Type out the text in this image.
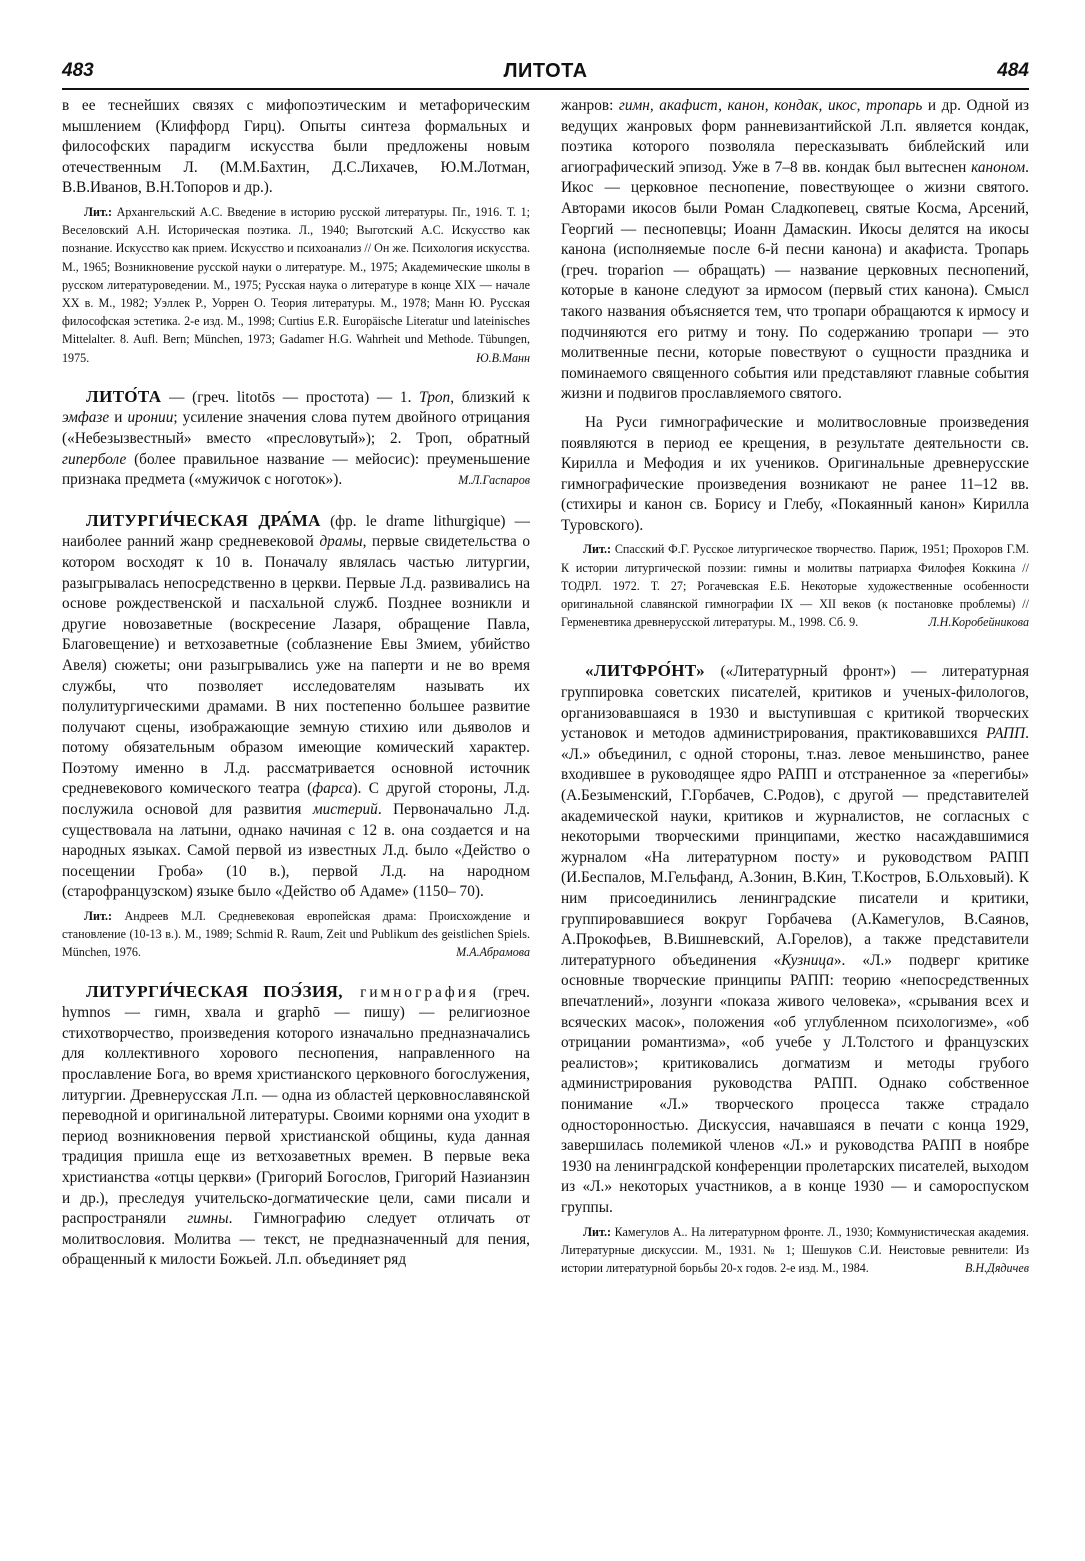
483	ЛИТОТА	484

в ее теснейших связях с мифопоэтическим и метафорическим мышлением (Клиффорд Гирц). Опыты синтеза формальных и философских парадигм искусства были предложены новым отечественным Л. (М.М.Бахтин, Д.С.Лихачев, Ю.М.Лотман, В.В.Иванов, В.Н.Топоров и др.).

Лит.: Архангельский А.С. Введение в историю русской литературы. Пг., 1916. Т. 1; Веселовский А.Н. Историческая поэтика. Л., 1940; Выготский А.С. Искусство как познание. Искусство как прием. Искусство и психоанализ // Он же. Психология искусства. М., 1965; Возникновение русской науки о литературе. М., 1975; Академические школы в русском литературоведении. М., 1975; Русская наука о литературе в конце XIX — начале XX в. М., 1982; Уэллек Р., Уоррен О. Теория литературы. М., 1978; Манн Ю. Русская философская эстетика. 2-е изд. М., 1998; Curtius E.R. Europäische Literatur und lateinisches Mittelalter. 8. Aufl. Bern; München, 1973; Gadamer H.G. Wahrheit und Methode. Tübungen, 1975.	Ю.В.Манн

ЛИТО́ТА — (греч. litotōs — простота) — 1. Троп, близкий к эмфазе и иронии; усиление значения слова путем двойного отрицания («Небезызвестный» вместо «пресловутый»); 2. Троп, обратный гиперболе (более правильное название — мейосис): преуменьшение признака предмета («мужичок с ноготок»).	М.Л.Гаспаров

ЛИТУРГИ́ЧЕСКАЯ ДРА́МА (фр. le drame lithurgique) — наиболее ранний жанр средневековой драмы, первые свидетельства о котором восходят к 10 в. Поначалу являлась частью литургии, разыгрывалась непосредственно в церкви. Первые Л.д. развивались на основе рождественской и пасхальной служб. Позднее возникли и другие новозаветные (воскресение Лазаря, обращение Павла, Благовещение) и ветхозаветные (соблазнение Евы Змием, убийство Авеля) сюжеты; они разыгрывались уже на паперти и не во время службы, что позволяет исследователям называть их полулитургическими драмами. В них постепенно большее развитие получают сцены, изображающие земную стихию или дьяволов и потому обязательным образом имеющие комический характер. Поэтому именно в Л.д. рассматривается основной источник средневекового комического театра (фарса). С другой стороны, Л.д. послужила основой для развития мистерий. Первоначально Л.д. существовала на латыни, однако начиная с 12 в. она создается и на народных языках. Самой первой из известных Л.д. было «Действо о посещении Гроба» (10 в.), первой Л.д. на народном (старофранцузском) языке было «Действо об Адаме» (1150– 70).

Лит.: Андреев М.Л. Средневековая европейская драма: Происхождение и становление (10-13 в.). М., 1989; Schmid R. Raum, Zeit und Publikum des geistlichen Spiels. München, 1976.	М.А.Абрамова

ЛИТУРГИ́ЧЕСКАЯ ПОЭ́ЗИЯ, гимнография (греч. hymnos — гимн, хвала и graphō — пишу) — религиозное стихотворчество, произведения которого изначально предназначались для коллективного хорового песнопения, направленного на прославление Бога, во время христианского церковного богослужения, литургии. Древнерусская Л.п. — одна из областей церковнославянской переводной и оригинальной литературы. Своими корнями она уходит в период возникновения первой христианской общины, куда данная традиция пришла еще из ветхозаветных времен. В первые века христианства «отцы церкви» (Григорий Богослов, Григорий Назианзин и др.), преследуя учительско-догматические цели, сами писали и распространяли гимны. Гимнографию следует отличать от молитвословия. Молитва — текст, не предназначенный для пения, обращенный к милости Божьей. Л.п. объединяет ряд

жанров: гимн, акафист, канон, кондак, икос, тропарь и др. Одной из ведущих жанровых форм ранневизантийской Л.п. является кондак, поэтика которого позволяла пересказывать библейский или агиографический эпизод. Уже в 7–8 вв. кондак был вытеснен каноном. Икос — церковное песнопение, повествующее о жизни святого. Авторами икосов были Роман Сладкопевец, святые Косма, Арсений, Георгий — песнопевцы; Иоанн Дамаскин. Икосы делятся на икосы канона (исполняемые после 6-й песни канона) и акафиста. Тропарь (греч. troparion — обращать) — название церковных песнопений, которые в каноне следуют за ирмосом (первый стих канона). Смысл такого названия объясняется тем, что тропари обращаются к ирмосу и подчиняются его ритму и тону. По содержанию тропари — это молитвенные песни, которые повествуют о сущности праздника и поминаемого священного события или представляют главные события жизни и подвигов прославляемого святого.

На Руси гимнографические и молитвословные произведения появляются в период ее крещения, в результате деятельности св. Кирилла и Мефодия и их учеников. Оригинальные древнерусские гимнографические произведения возникают не ранее 11–12 вв. (стихиры и канон св. Борису и Глебу, «Покаянный канон» Кирилла Туровского).

Лит.: Спасский Ф.Г. Русское литургическое творчество. Париж, 1951; Прохоров Г.М. К истории литургической поэзии: гимны и молитвы патриарха Филофея Коккина // ТОДРЛ. 1972. Т. 27; Рогачевская Е.Б. Некоторые художественные особенности оригинальной славянской гимнографии IX — XII веков (к постановке проблемы) // Герменевтика древнерусской литературы. М., 1998. Сб. 9.	Л.Н.Коробейникова

«ЛИТФРО́НТ» («Литературный фронт») — литературная группировка советских писателей, критиков и ученых-филологов, организовавшаяся в 1930 и выступившая с критикой творческих установок и методов администрирования, практиковавшихся РАПП. «Л.» объединил, с одной стороны, т.наз. левое меньшинство, ранее входившее в руководящее ядро РАПП и отстраненное за «перегибы» (А.Безыменский, Г.Горбачев, С.Родов), с другой — представителей академической науки, критиков и журналистов, не согласных с некоторыми творческими принципами, жестко насаждавшимися журналом «На литературном посту» и руководством РАПП (И.Беспалов, М.Гельфанд, А.Зонин, В.Кин, Т.Костров, Б.Ольховый). К ним присоединились ленинградские писатели и критики, группировавшиеся вокруг Горбачева (А.Камегулов, В.Саянов, А.Прокофьев, В.Вишневский, А.Горелов), а также представители литературного объединения «Кузница». «Л.» подверг критике основные творческие принципы РАПП: теорию «непосредственных впечатлений», лозунги «показа живого человека», «срывания всех и всяческих масок», положения «об углубленном психологизме», «об отрицании романтизма», «об учебе у Л.Толстого и французских реалистов»; критиковались догматизм и методы грубого администрирования руководства РАПП. Однако собственное понимание «Л.» творческого процесса также страдало односторонностью. Дискуссия, начавшаяся в печати с конца 1929, завершилась полемикой членов «Л.» и руководства РАПП в ноябре 1930 на ленинградской конференции пролетарских писателей, выходом из «Л.» некоторых участников, а в конце 1930 — и самороспуском группы.

Лит.: Камегулов А.. На литературном фронте. Л., 1930; Коммунистическая академия. Литературные дискуссии. М., 1931. № 1; Шешуков С.И. Неистовые ревнители: Из истории литературной борьбы 20-х годов. 2-е изд. М., 1984.	В.Н.Дядичев
